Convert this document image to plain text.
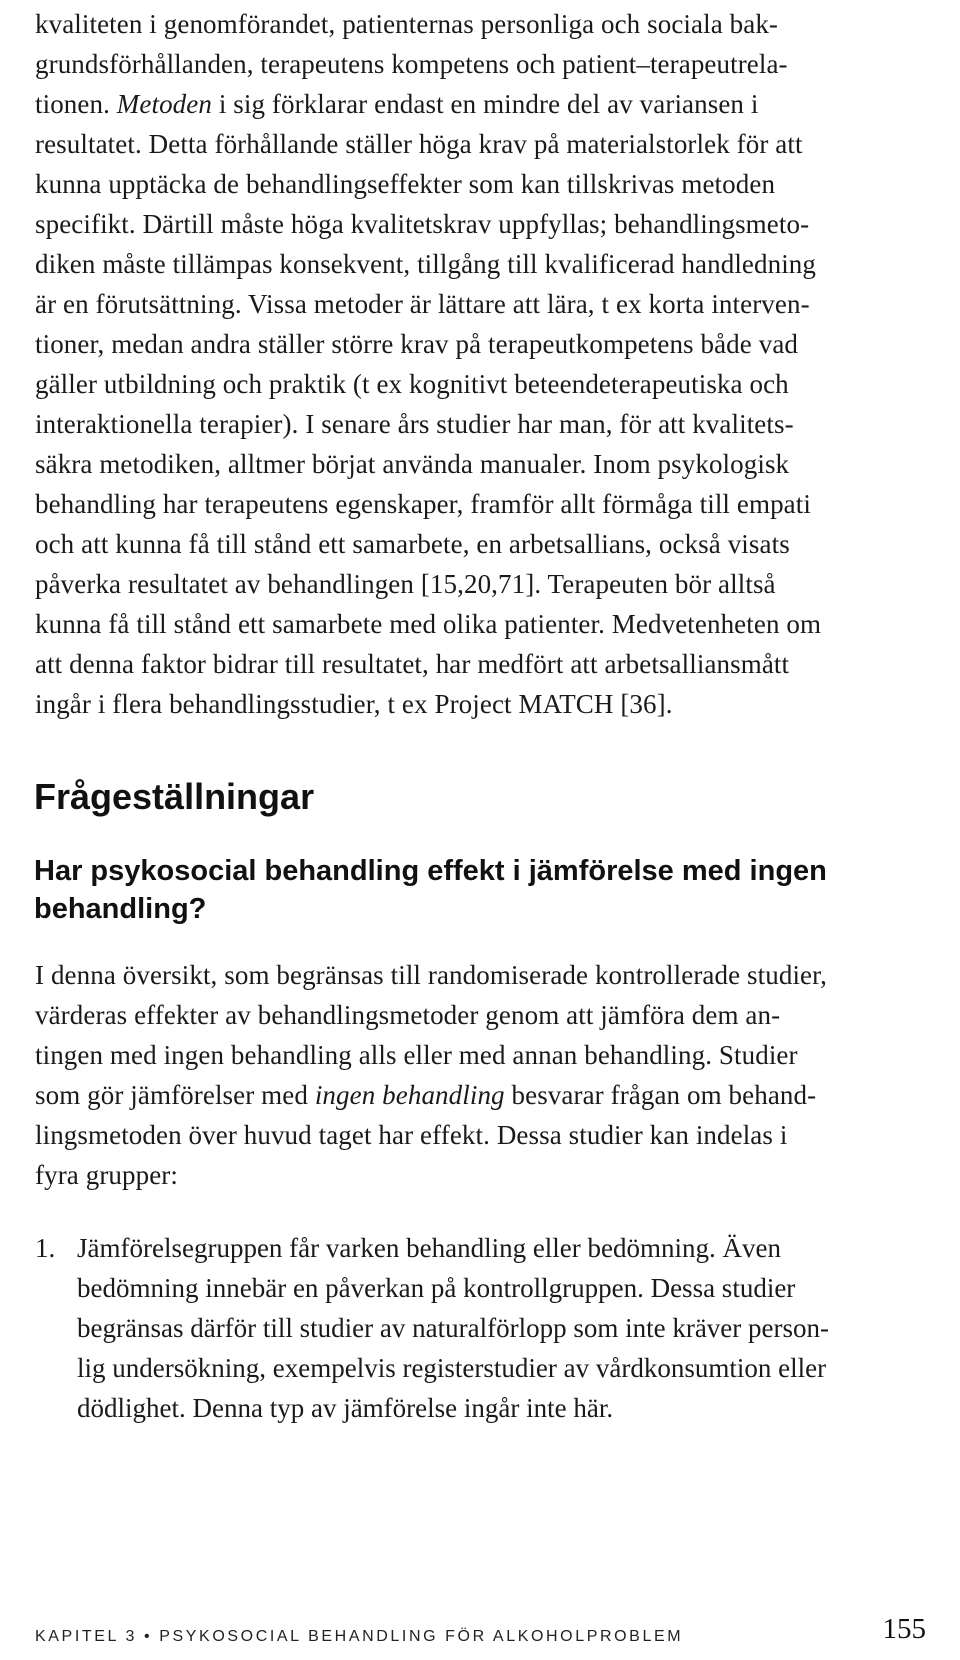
kvaliteten i genomförandet, patienternas personliga och sociala bak-
grundsförhållanden, terapeutens kompetens och patient–terapeutrela-
tionen. Metoden i sig förklarar endast en mindre del av variansen i
resultatet. Detta förhållande ställer höga krav på materialstorlek för att
kunna upptäcka de behandlingseffekter som kan tillskrivas metoden
specifikt. Därtill måste höga kvalitetskrav uppfyllas; behandlingsmeto-
diken måste tillämpas konsekvent, tillgång till kvalificerad handledning
är en förutsättning. Vissa metoder är lättare att lära, t ex korta interven-
tioner, medan andra ställer större krav på terapeutkompetens både vad
gäller utbildning och praktik (t ex kognitivt beteendeterapeutiska och
interaktionella terapier). I senare års studier har man, för att kvalitets-
säkra metodiken, alltmer börjat använda manualer. Inom psykologisk
behandling har terapeutens egenskaper, framför allt förmåga till empati
och att kunna få till stånd ett samarbete, en arbetsallians, också visats
påverka resultatet av behandlingen [15,20,71]. Terapeuten bör alltså
kunna få till stånd ett samarbete med olika patienter. Medvetenheten om
att denna faktor bidrar till resultatet, har medfört att arbetsalliansmått
ingår i flera behandlingsstudier, t ex Project MATCH [36].
Frågeställningar
Har psykosocial behandling effekt i jämförelse med ingen
behandling?
I denna översikt, som begränsas till randomiserade kontrollerade studier,
värderas effekter av behandlingsmetoder genom att jämföra dem an-
tingen med ingen behandling alls eller med annan behandling. Studier
som gör jämförelser med ingen behandling besvarar frågan om behand-
lingsmetoden över huvud taget har effekt. Dessa studier kan indelas i
fyra grupper:
1. Jämförelsegruppen får varken behandling eller bedömning. Även
bedömning innebär en påverkan på kontrollgruppen. Dessa studier
begränsas därför till studier av naturalförlopp som inte kräver person-
lig undersökning, exempelvis registerstudier av vårdkonsumtion eller
dödlighet. Denna typ av jämförelse ingår inte här.
KAPITEL 3 • PSYKOSOCIAL BEHANDLING FÖR ALKOHOLPROBLEM	155
